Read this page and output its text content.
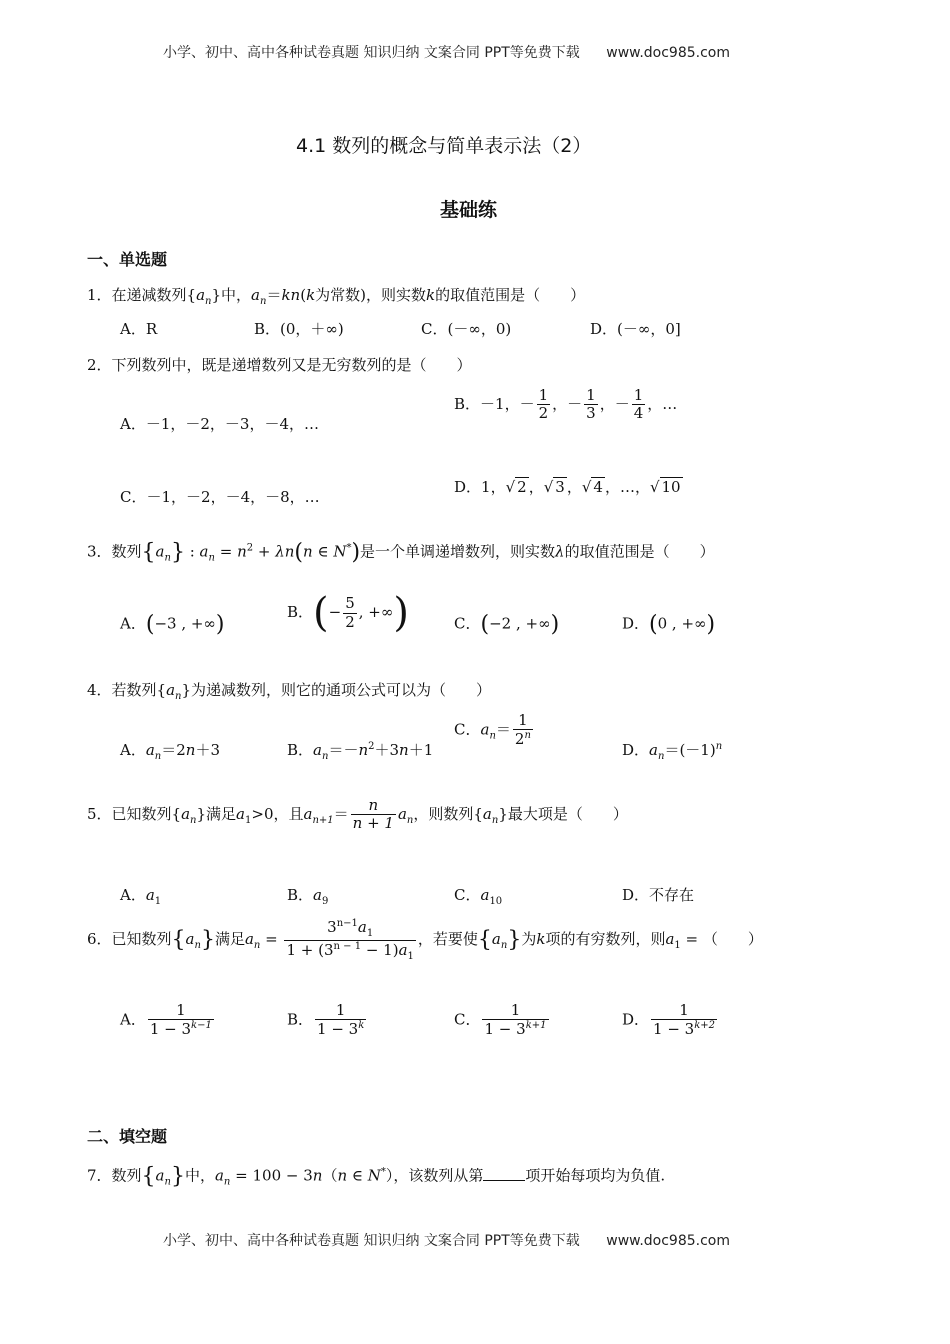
小学、初中、高中各种试卷真题 知识归纳 文案合同 PPT等免费下载 www.doc985.com
4.1 数列的概念与简单表示法（2）
基础练
一、单选题
1．在递减数列$\{a_n\}$中，$a_n=kn(k$为常数)，则实数k的取值范围是（　　）
A．R	B．(0，＋∞)	C．(－∞，0)	D．(－∞，0]
2．下列数列中，既是递增数列又是无穷数列的是（　　）
A．－1，－2，－3，－4，…
B．－1，－ $\frac{1}{2}$ ，－ $\frac{1}{3}$ ，－ $\frac{1}{4}$ ，…
C．－1，－2，－4，－8，…
D．1，√ 2 ，√ 3 ，√ 4 ，…，√ 10
3．数列$\{a_n\}$ : $a_n = n^2 + \lambda n(n$ ∈ N*)是一个单调递增数列，则实数λ的取值范围是（　　）
A．(−3 , +∞)	B．(− $\frac{5}{2}$ , +∞)	C．(−2 , +∞)	D．(0 , +∞)
4．若数列$\{a_n\}$为递减数列，则它的通项公式可以为（　　）
A．$a_n=2n+3$	B．$a_n=-n^2+3n+1$
C．$a_n= \frac{1}{2^n}$
D．$a_n=(-1)^n$
5．已知数列$\{a_n\}$满足$a_1>0$，且$a_{n+1}= \frac{n}{n + 1} a_n$，则数列$\{a_n\}$最大项是（　　）
A．$a_1$	B．$a_9$	C．$a_{10}$	D．不存在
6．已知数列$\{a_n\}$满足$a_n = \frac{3^{n-1}a_1}{1 + (3^{n - 1} - 1)a_1}$ ，若要使$\{a_n\}$为k项的有穷数列，则$a_1$ = （　　）
A． $\frac{1}{1 - 3^{k-1}}$	B． $\frac{1}{1 - 3^k}$	C． $\frac{1}{1 - 3^{k+1}}$	D． $\frac{1}{1 - 3^{k+2}}$
二、填空题
7．数列$\{a_n\}$中，$a_n = 100 - 3n(n$ ∈ N*），该数列从第	项开始每项均为负值.
小学、初中、高中各种试卷真题 知识归纳 文案合同 PPT等免费下载 www.doc985.com
